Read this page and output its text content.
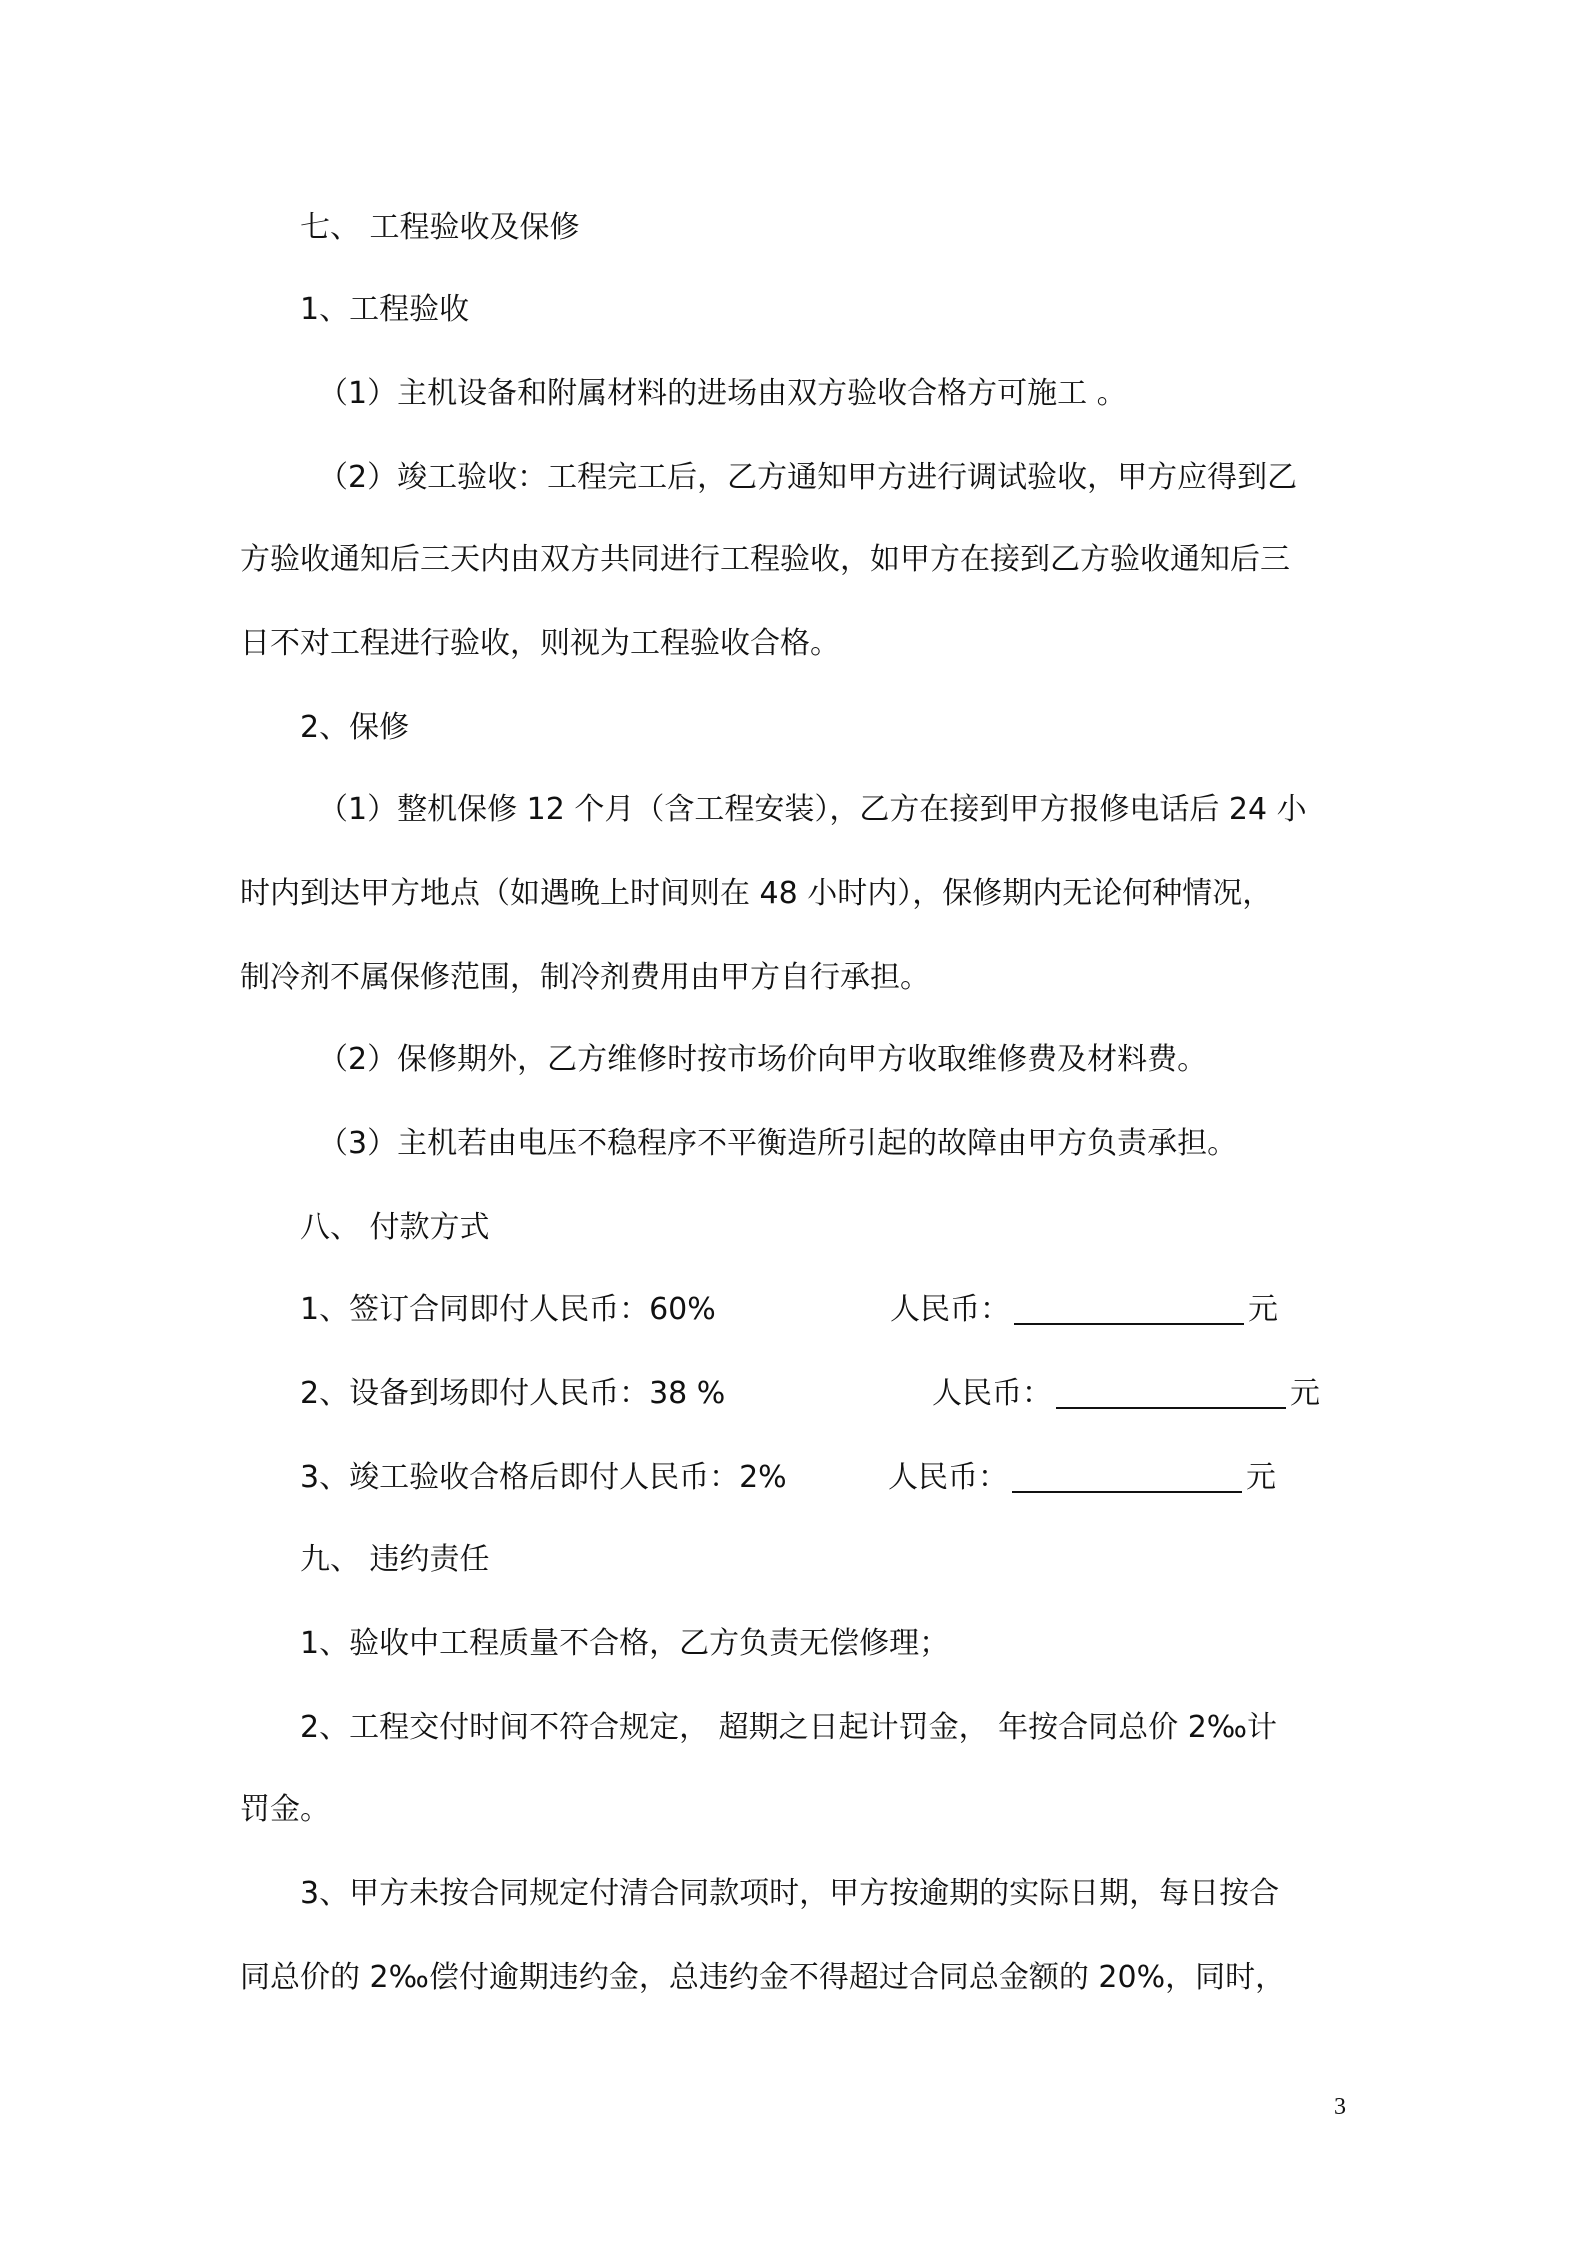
七、 工程验收及保修
1、工程验收
（1）主机设备和附属材料的进场由双方验收合格方可施工 。
（2）竣工验收：工程完工后，乙方通知甲方进行调试验收，甲方应得到乙
方验收通知后三天内由双方共同进行工程验收，如甲方在接到乙方验收通知后三
日不对工程进行验收，则视为工程验收合格。
2、保修
（1）整机保修 12 个月（含工程安装），乙方在接到甲方报修电话后 24 小
时内到达甲方地点（如遇晚上时间则在 48 小时内），保修期内无论何种情况，
制冷剂不属保修范围，制冷剂费用由甲方自行承担。
（2）保修期外，乙方维修时按市场价向甲方收取维修费及材料费。
（3）主机若由电压不稳程序不平衡造所引起的故障由甲方负责承担。
八、 付款方式
1、签订合同即付人民币：60%	人民币：	元
2、设备到场即付人民币：38 %	人民币：	元
3、竣工验收合格后即付人民币：2%	人民币：	元
九、 违约责任
1、验收中工程质量不合格，乙方负责无偿修理；
2、工程交付时间不符合规定， 超期之日起计罚金， 年按合同总价 2‰计
罚金。
3、甲方未按合同规定付清合同款项时，甲方按逾期的实际日期，每日按合
同总价的 2‰偿付逾期违约金，总违约金不得超过合同总金额的 20%，同时，
3
